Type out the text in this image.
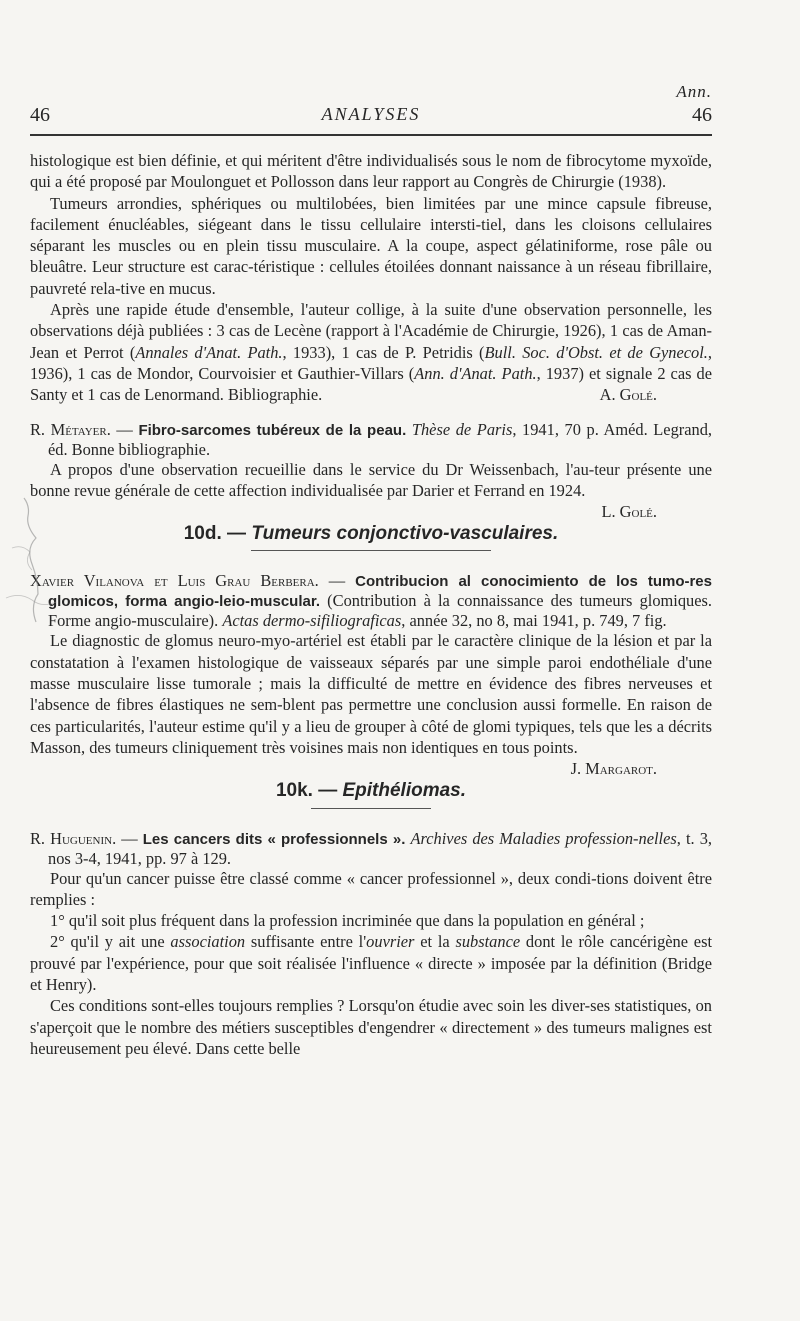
Ann.
46	ANALYSES	46

histologique est bien définie, et qui méritent d'être individualisés sous le nom de fibrocytome myxoïde, qui a été proposé par Moulonguet et Pollosson dans leur rapport au Congrès de Chirurgie (1938).

Tumeurs arrondies, sphériques ou multilobées, bien limitées par une mince capsule fibreuse, facilement énucléables, siégeant dans le tissu cellulaire intersti-tiel, dans les cloisons cellulaires séparant les muscles ou en plein tissu musculaire. A la coupe, aspect gélatiniforme, rose pâle ou bleuâtre. Leur structure est carac-téristique : cellules étoilées donnant naissance à un réseau fibrillaire, pauvreté rela-tive en mucus.

Après une rapide étude d'ensemble, l'auteur collige, à la suite d'une observation personnelle, les observations déjà publiées : 3 cas de Lecène (rapport à l'Académie de Chirurgie, 1926), 1 cas de Aman-Jean et Perrot (Annales d'Anat. Path., 1933), 1 cas de P. Petridis (Bull. Soc. d'Obst. et de Gynecol., 1936), 1 cas de Mondor, Courvoisier et Gauthier-Villars (Ann. d'Anat. Path., 1937) et signale 2 cas de Santy et 1 cas de Lenormand. Bibliographie.	A. Golé.

R. Métayer. — Fibro-sarcomes tubéreux de la peau. Thèse de Paris, 1941, 70 p. Améd. Legrand, éd. Bonne bibliographie.

A propos d'une observation recueillie dans le service du Dr Weissenbach, l'au-teur présente une bonne revue générale de cette affection individualisée par Darier et Ferrand en 1924.
L. Golé.

10d. — Tumeurs conjonctivo-vasculaires.

Xavier Vilanova et Luis Grau Berbera. — Contribucion al conocimiento de los tumo-res glomicos, forma angio-leio-muscular. (Contribution à la connaissance des tumeurs glomiques. Forme angio-musculaire). Actas dermo-sifiliograficas, année 32, no 8, mai 1941, p. 749, 7 fig.

Le diagnostic de glomus neuro-myo-artériel est établi par le caractère clinique de la lésion et par la constatation à l'examen histologique de vaisseaux séparés par une simple paroi endothéliale d'une masse musculaire lisse tumorale ; mais la difficulté de mettre en évidence des fibres nerveuses et l'absence de fibres élastiques ne sem-blent pas permettre une conclusion aussi formelle. En raison de ces particularités, l'auteur estime qu'il y a lieu de grouper à côté de glomi typiques, tels que les a décrits Masson, des tumeurs cliniquement très voisines mais non identiques en tous points.
J. Margarot.

10k. — Epithéliomas.

R. Huguenin. — Les cancers dits « professionnels ». Archives des Maladies profession-nelles, t. 3, nos 3-4, 1941, pp. 97 à 129.

Pour qu'un cancer puisse être classé comme « cancer professionnel », deux condi-tions doivent être remplies :

1° qu'il soit plus fréquent dans la profession incriminée que dans la population en général ;

2° qu'il y ait une association suffisante entre l'ouvrier et la substance dont le rôle cancérigène est prouvé par l'expérience, pour que soit réalisée l'influence « directe » imposée par la définition (Bridge et Henry).

Ces conditions sont-elles toujours remplies ? Lorsqu'on étudie avec soin les diver-ses statistiques, on s'aperçoit que le nombre des métiers susceptibles d'engendrer « directement » des tumeurs malignes est heureusement peu élevé. Dans cette belle
